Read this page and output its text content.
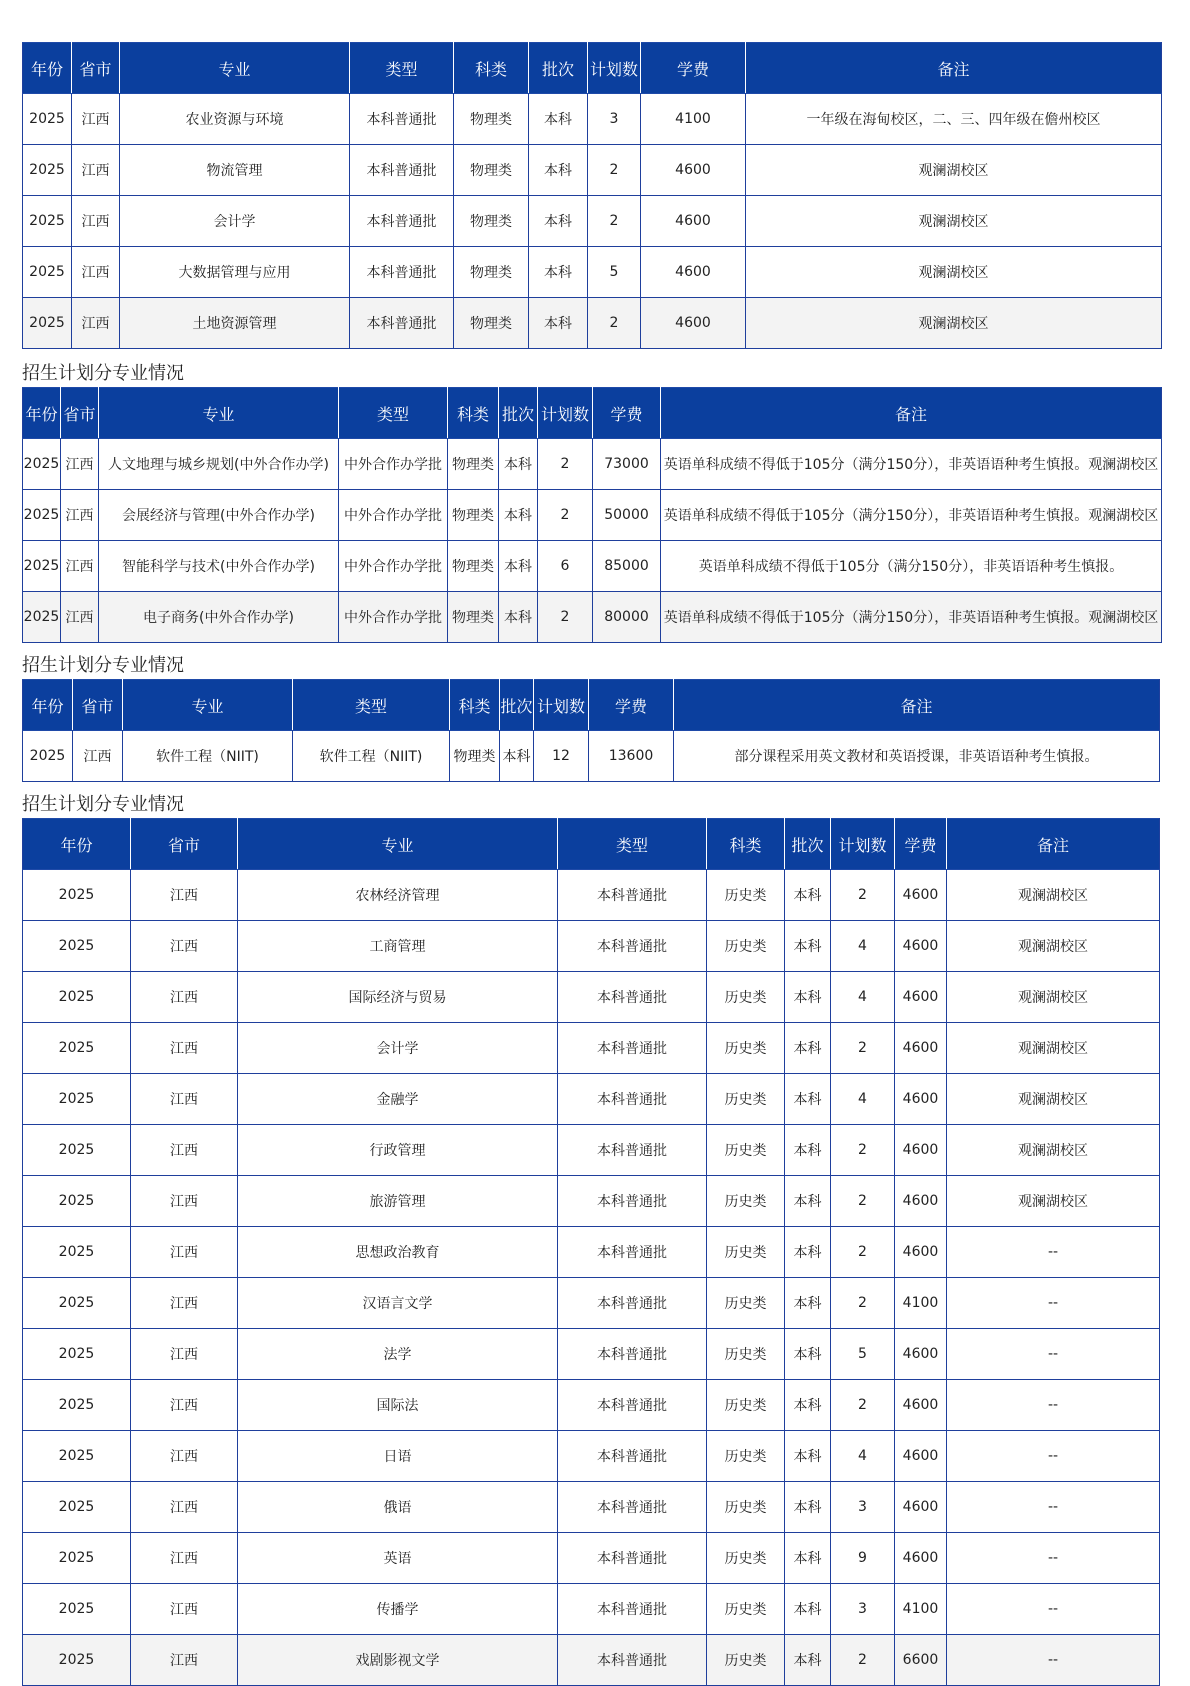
年份	省市	专业	类型	科类	批次	计划数	学费	备注
2025	江西	农业资源与环境	本科普通批	物理类	本科	3	4100	一年级在海甸校区，二、三、四年级在儋州校区
2025	江西	物流管理	本科普通批	物理类	本科	2	4600	观澜湖校区
2025	江西	会计学	本科普通批	物理类	本科	2	4600	观澜湖校区
2025	江西	大数据管理与应用	本科普通批	物理类	本科	5	4600	观澜湖校区
2025	江西	土地资源管理	本科普通批	物理类	本科	2	4600	观澜湖校区
招生计划分专业情况
年份	省市	专业	类型	科类	批次	计划数	学费	备注
2025	江西	人文地理与城乡规划(中外合作办学)	中外合作办学批	物理类	本科	2	73000	英语单科成绩不得低于105分（满分150分），非英语语种考生慎报。观澜湖校区
2025	江西	会展经济与管理(中外合作办学)	中外合作办学批	物理类	本科	2	50000	英语单科成绩不得低于105分（满分150分），非英语语种考生慎报。观澜湖校区
2025	江西	智能科学与技术(中外合作办学)	中外合作办学批	物理类	本科	6	85000	英语单科成绩不得低于105分（满分150分），非英语语种考生慎报。
2025	江西	电子商务(中外合作办学)	中外合作办学批	物理类	本科	2	80000	英语单科成绩不得低于105分（满分150分），非英语语种考生慎报。观澜湖校区
招生计划分专业情况
年份	省市	专业	类型	科类	批次	计划数	学费	备注
2025	江西	软件工程（NIIT)	软件工程（NIIT)	物理类	本科	12	13600	部分课程采用英文教材和英语授课，非英语语种考生慎报。
招生计划分专业情况
年份	省市	专业	类型	科类	批次	计划数	学费	备注
2025	江西	农林经济管理	本科普通批	历史类	本科	2	4600	观澜湖校区
2025	江西	工商管理	本科普通批	历史类	本科	4	4600	观澜湖校区
2025	江西	国际经济与贸易	本科普通批	历史类	本科	4	4600	观澜湖校区
2025	江西	会计学	本科普通批	历史类	本科	2	4600	观澜湖校区
2025	江西	金融学	本科普通批	历史类	本科	4	4600	观澜湖校区
2025	江西	行政管理	本科普通批	历史类	本科	2	4600	观澜湖校区
2025	江西	旅游管理	本科普通批	历史类	本科	2	4600	观澜湖校区
2025	江西	思想政治教育	本科普通批	历史类	本科	2	4600	--
2025	江西	汉语言文学	本科普通批	历史类	本科	2	4100	--
2025	江西	法学	本科普通批	历史类	本科	5	4600	--
2025	江西	国际法	本科普通批	历史类	本科	2	4600	--
2025	江西	日语	本科普通批	历史类	本科	4	4600	--
2025	江西	俄语	本科普通批	历史类	本科	3	4600	--
2025	江西	英语	本科普通批	历史类	本科	9	4600	--
2025	江西	传播学	本科普通批	历史类	本科	3	4100	--
2025	江西	戏剧影视文学	本科普通批	历史类	本科	2	6600	--
